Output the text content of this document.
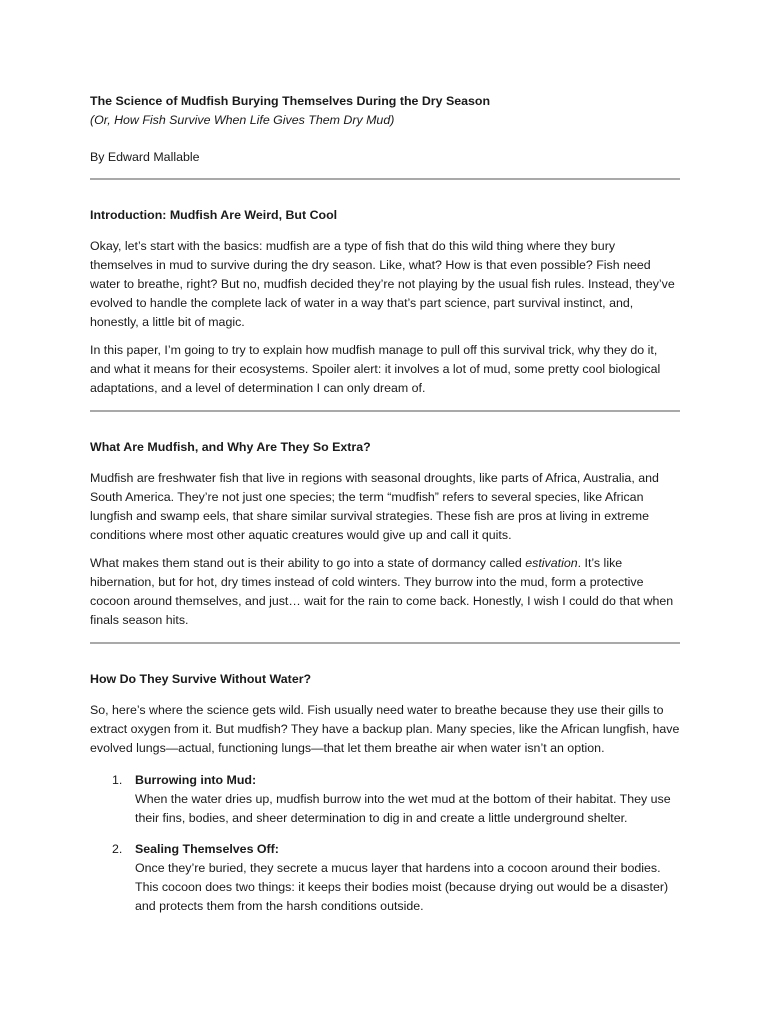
The Science of Mudfish Burying Themselves During the Dry Season

(Or, How Fish Survive When Life Gives Them Dry Mud)

By Edward Mallable

Introduction: Mudfish Are Weird, But Cool

Okay, let’s start with the basics: mudfish are a type of fish that do this wild thing where they bury themselves in mud to survive during the dry season. Like, what? How is that even possible? Fish need water to breathe, right? But no, mudfish decided they’re not playing by the usual fish rules. Instead, they’ve evolved to handle the complete lack of water in a way that’s part science, part survival instinct, and, honestly, a little bit of magic.

In this paper, I’m going to try to explain how mudfish manage to pull off this survival trick, why they do it, and what it means for their ecosystems. Spoiler alert: it involves a lot of mud, some pretty cool biological adaptations, and a level of determination I can only dream of.

What Are Mudfish, and Why Are They So Extra?

Mudfish are freshwater fish that live in regions with seasonal droughts, like parts of Africa, Australia, and South America. They’re not just one species; the term “mudfish” refers to several species, like African lungfish and swamp eels, that share similar survival strategies. These fish are pros at living in extreme conditions where most other aquatic creatures would give up and call it quits.

What makes them stand out is their ability to go into a state of dormancy called estivation. It’s like hibernation, but for hot, dry times instead of cold winters. They burrow into the mud, form a protective cocoon around themselves, and just… wait for the rain to come back. Honestly, I wish I could do that when finals season hits.

How Do They Survive Without Water?

So, here’s where the science gets wild. Fish usually need water to breathe because they use their gills to extract oxygen from it. But mudfish? They have a backup plan. Many species, like the African lungfish, have evolved lungs—actual, functioning lungs—that let them breathe air when water isn’t an option.

1. Burrowing into Mud:
When the water dries up, mudfish burrow into the wet mud at the bottom of their habitat. They use their fins, bodies, and sheer determination to dig in and create a little underground shelter.
2. Sealing Themselves Off:
Once they’re buried, they secrete a mucus layer that hardens into a cocoon around their bodies. This cocoon does two things: it keeps their bodies moist (because drying out would be a disaster) and protects them from the harsh conditions outside.
